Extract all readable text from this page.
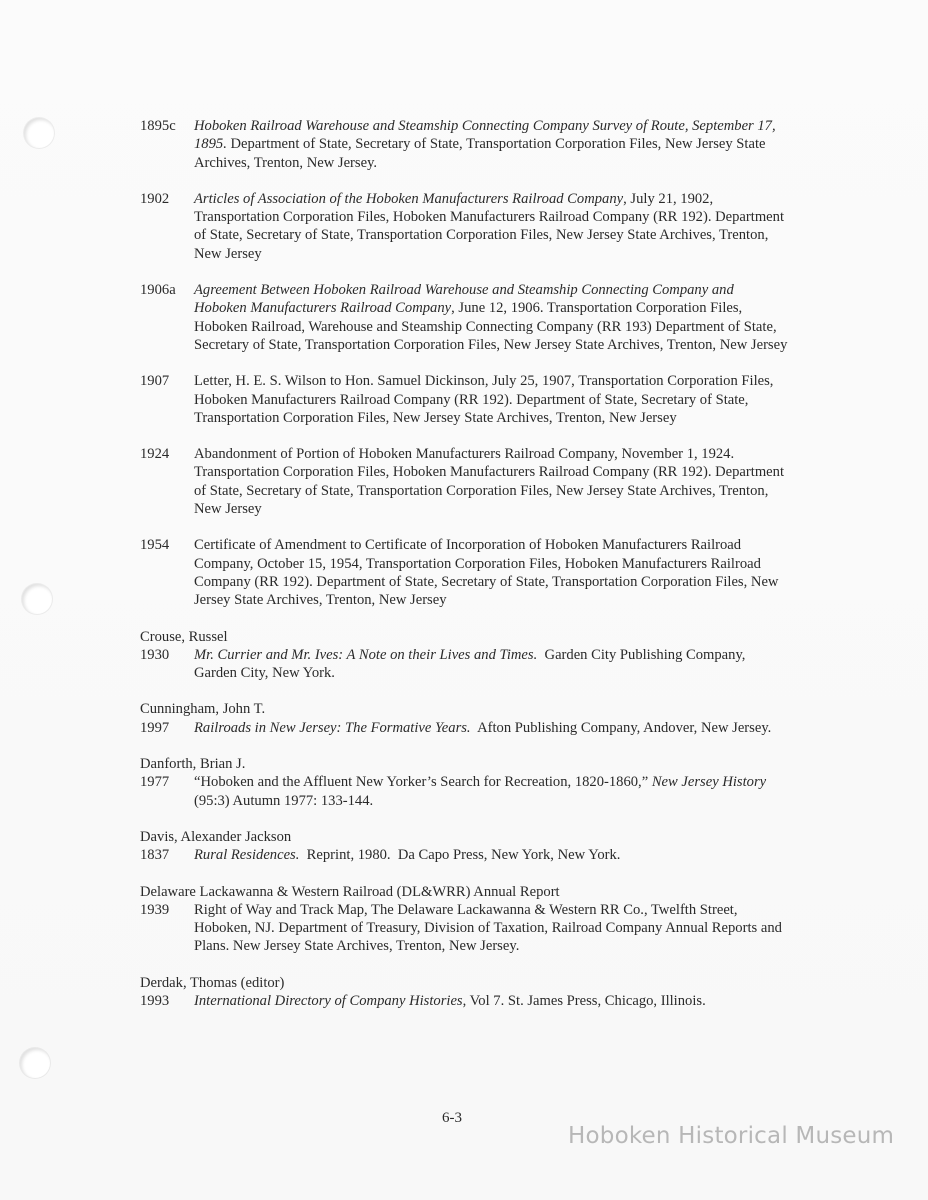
1895c	Hoboken Railroad Warehouse and Steamship Connecting Company Survey of Route, September 17, 1895. Department of State, Secretary of State, Transportation Corporation Files, New Jersey State Archives, Trenton, New Jersey.

1902	Articles of Association of the Hoboken Manufacturers Railroad Company, July 21, 1902, Transportation Corporation Files, Hoboken Manufacturers Railroad Company (RR 192). Department of State, Secretary of State, Transportation Corporation Files, New Jersey State Archives, Trenton, New Jersey

1906a	Agreement Between Hoboken Railroad Warehouse and Steamship Connecting Company and Hoboken Manufacturers Railroad Company, June 12, 1906. Transportation Corporation Files, Hoboken Railroad, Warehouse and Steamship Connecting Company (RR 193) Department of State, Secretary of State, Transportation Corporation Files, New Jersey State Archives, Trenton, New Jersey

1907	Letter, H. E. S. Wilson to Hon. Samuel Dickinson, July 25, 1907, Transportation Corporation Files, Hoboken Manufacturers Railroad Company (RR 192). Department of State, Secretary of State, Transportation Corporation Files, New Jersey State Archives, Trenton, New Jersey

1924	Abandonment of Portion of Hoboken Manufacturers Railroad Company, November 1, 1924. Transportation Corporation Files, Hoboken Manufacturers Railroad Company (RR 192). Department of State, Secretary of State, Transportation Corporation Files, New Jersey State Archives, Trenton, New Jersey

1954	Certificate of Amendment to Certificate of Incorporation of Hoboken Manufacturers Railroad Company, October 15, 1954, Transportation Corporation Files, Hoboken Manufacturers Railroad Company (RR 192). Department of State, Secretary of State, Transportation Corporation Files, New Jersey State Archives, Trenton, New Jersey

Crouse, Russel

1930	Mr. Currier and Mr. Ives: A Note on their Lives and Times.  Garden City Publishing Company, Garden City, New York.

Cunningham, John T.

1997	Railroads in New Jersey: The Formative Years.  Afton Publishing Company, Andover, New Jersey.

Danforth, Brian J.

1977	“Hoboken and the Affluent New Yorker’s Search for Recreation, 1820-1860,” New Jersey History (95:3) Autumn 1977: 133-144.

Davis, Alexander Jackson

1837	Rural Residences.  Reprint, 1980.  Da Capo Press, New York, New York.

Delaware Lackawanna & Western Railroad (DL&WRR) Annual Report

1939	Right of Way and Track Map, The Delaware Lackawanna & Western RR Co., Twelfth Street, Hoboken, NJ. Department of Treasury, Division of Taxation, Railroad Company Annual Reports and Plans. New Jersey State Archives, Trenton, New Jersey.

Derdak, Thomas (editor)

1993	International Directory of Company Histories, Vol 7. St. James Press, Chicago, Illinois.

6-3
Hoboken Historical Museum
